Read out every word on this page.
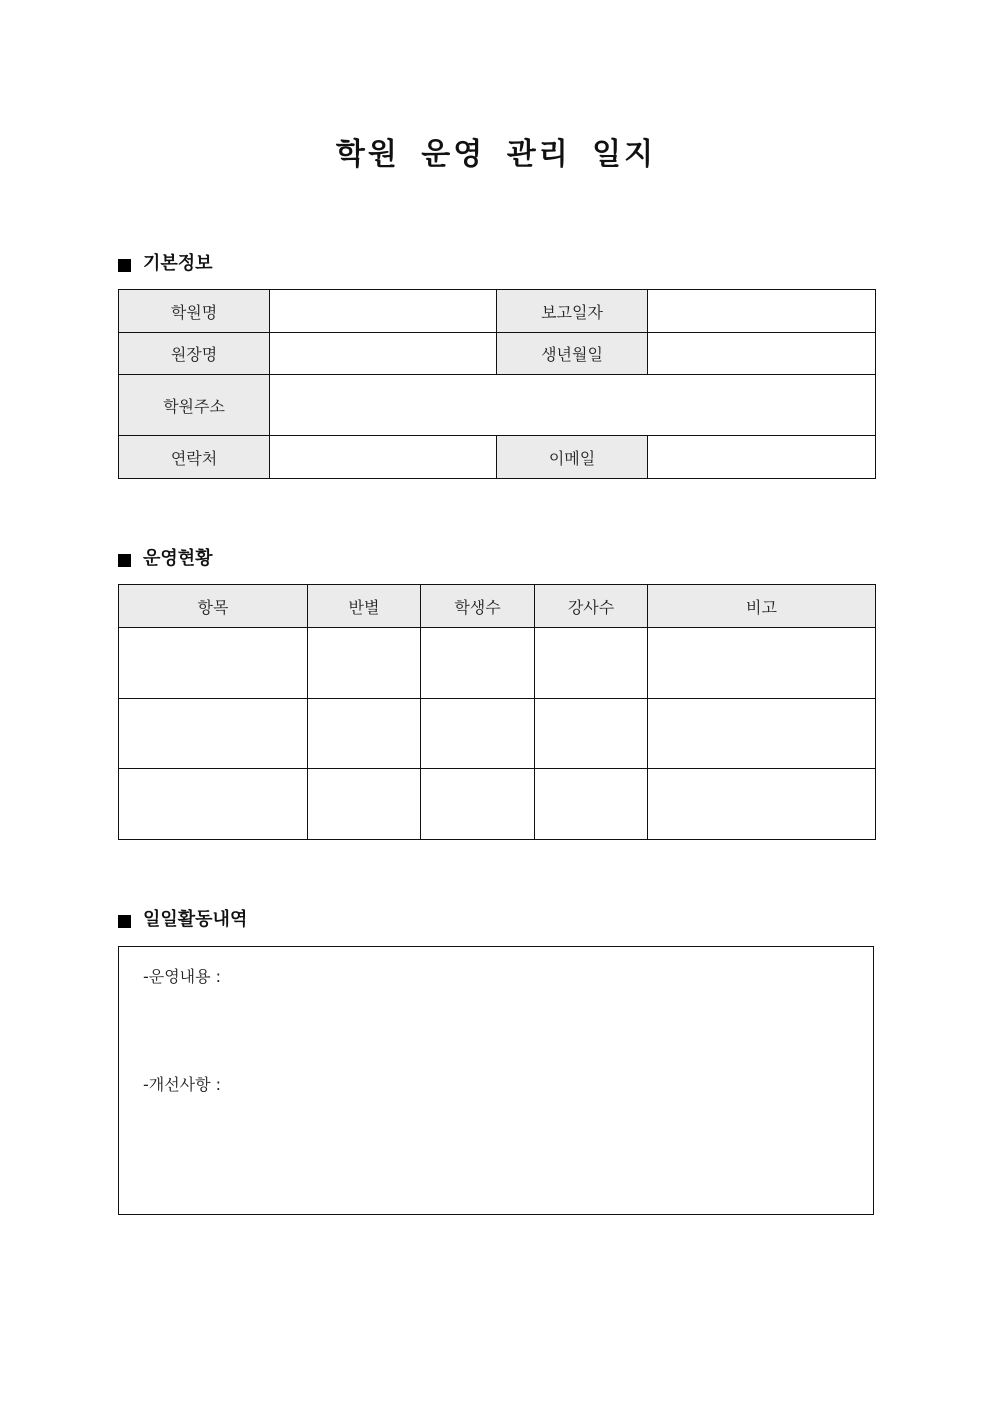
학원 운영 관리 일지
기본정보
학원명		보고일자	
원장명		생년월일	
학원주소			
연락처		이메일	
운영현황
항목	반별	학생수	강사수	비고

일일활동내역
-운영내용 :
-개선사항 :
